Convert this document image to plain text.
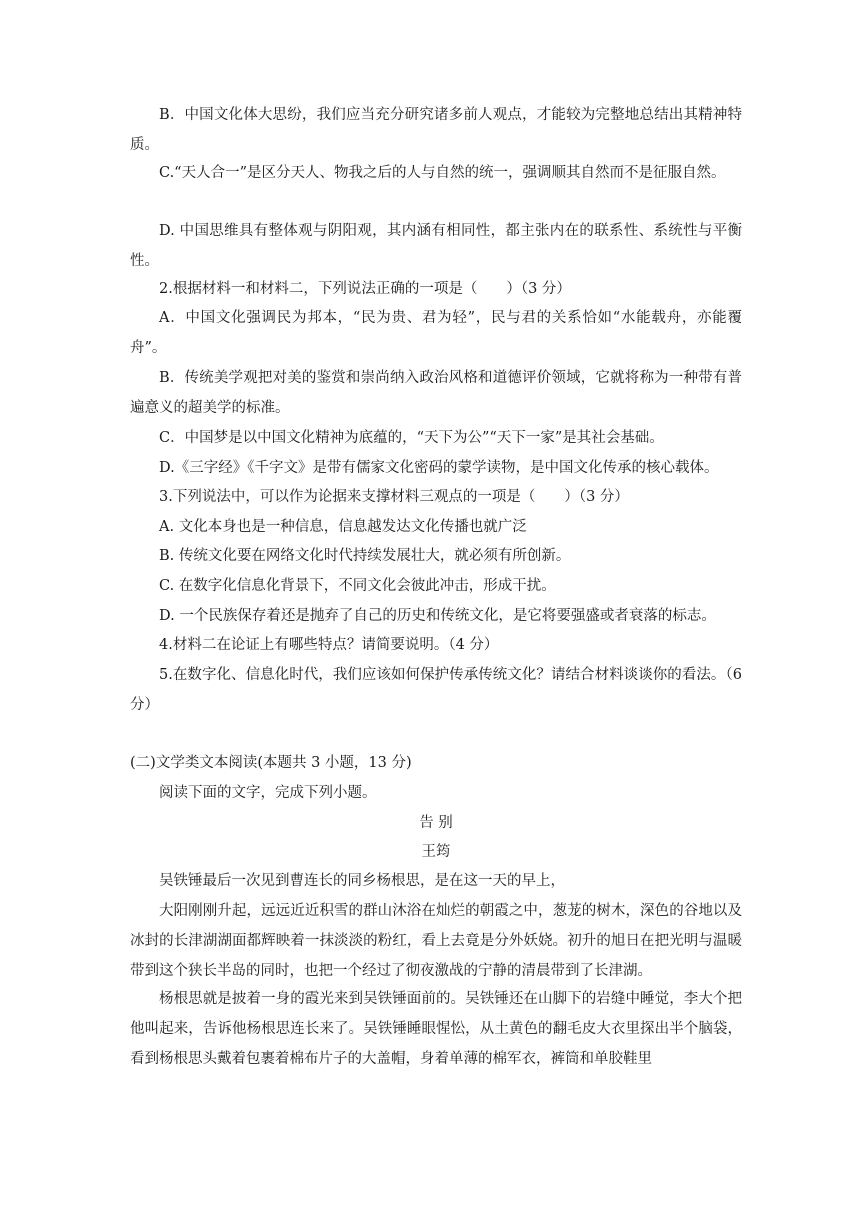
B．中国文化体大思纷，我们应当充分研究诸多前人观点，才能较为完整地总结出其精神特质。
C.“天人合一”是区分天人、物我之后的人与自然的统一，强调顺其自然而不是征服自然。
D. 中国思维具有整体观与阴阳观，其内涵有相同性，都主张内在的联系性、系统性与平衡性。
2.根据材料一和材料二，下列说法正确的一项是（　　）（3 分）
A．中国文化强调民为邦本，“民为贵、君为轻”，民与君的关系恰如“水能载舟，亦能覆舟”。
B．传统美学观把对美的鉴赏和崇尚纳入政治风格和道德评价领域，它就将称为一种带有普遍意义的超美学的标准。
C．中国梦是以中国文化精神为底蕴的，“天下为公”“天下一家”是其社会基础。
D.《三字经》《千字文》是带有儒家文化密码的蒙学读物，是中国文化传承的核心载体。
3.下列说法中，可以作为论据来支撑材料三观点的一项是（　　）（3 分）
A. 文化本身也是一种信息，信息越发达文化传播也就广泛
B. 传统文化要在网络文化时代持续发展壮大，就必须有所创新。
C. 在数字化信息化背景下，不同文化会彼此冲击，形成干扰。
D. 一个民族保存着还是抛弃了自己的历史和传统文化，是它将要强盛或者衰落的标志。
4.材料二在论证上有哪些特点？请简要说明。（4 分）
5.在数字化、信息化时代，我们应该如何保护传承传统文化？请结合材料谈谈你的看法。（6 分）
(二)文学类文本阅读(本题共 3 小题，13 分)
阅读下面的文字，完成下列小题。
告 别
王筠
吴铁锤最后一次见到曹连长的同乡杨根思，是在这一天的早上，
大阳刚刚升起，远远近近积雪的群山沐浴在灿烂的朝霞之中，葱茏的树木，深色的谷地以及冰封的长津湖湖面都辉映着一抹淡淡的粉红，看上去竟是分外妖娆。初升的旭日在把光明与温暖带到这个狭长半岛的同时，也把一个经过了彻夜激战的宁静的清晨带到了长津湖。
杨根思就是披着一身的霞光来到吴铁锤面前的。吴铁锤还在山脚下的岩缝中睡觉，李大个把他叫起来，告诉他杨根思连长来了。吴铁锤睡眼惺忪，从土黄色的翻毛皮大衣里探出半个脑袋，看到杨根思头戴着包裹着棉布片子的大盖帽，身着单薄的棉军衣，裤筒和单胶鞋里
